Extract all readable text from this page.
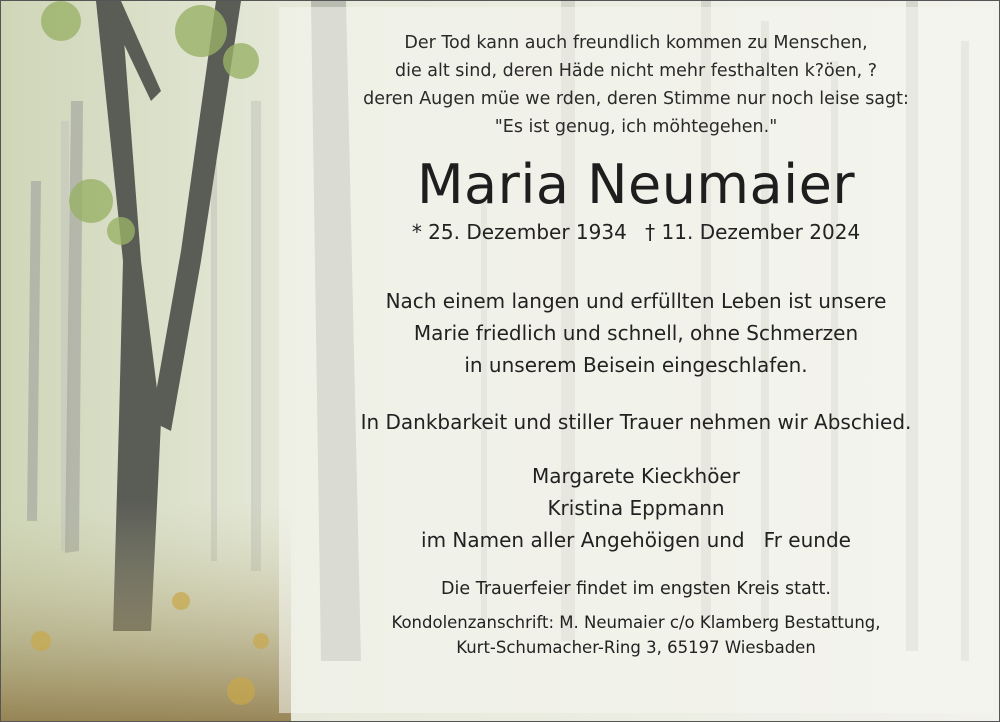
Der Tod kann auch freundlich kommen zu Menschen,
die alt sind, deren Häde nicht mehr festhalten k?öen, ?
deren Augen müe we rden, deren Stimme nur noch leise sagt:
"Es ist genug, ich möhtegehen."
Maria Neumaier
* 25. Dezember 1934 † 11. Dezember 2024
Nach einem langen und erfüllten Leben ist unsere
Marie friedlich und schnell, ohne Schmerzen
in unserem Beisein eingeschlafen.
In Dankbarkeit und stiller Trauer nehmen wir Abschied.
Margarete Kieckhöer
Kristina Eppmann
im Namen aller Angehöigen und   Fr eunde
Die Trauerfeier findet im engsten Kreis statt.
Kondolenzanschrift: M. Neumaier c/o Klamberg Bestattung,
Kurt-Schumacher-Ring 3, 65197 Wiesbaden
